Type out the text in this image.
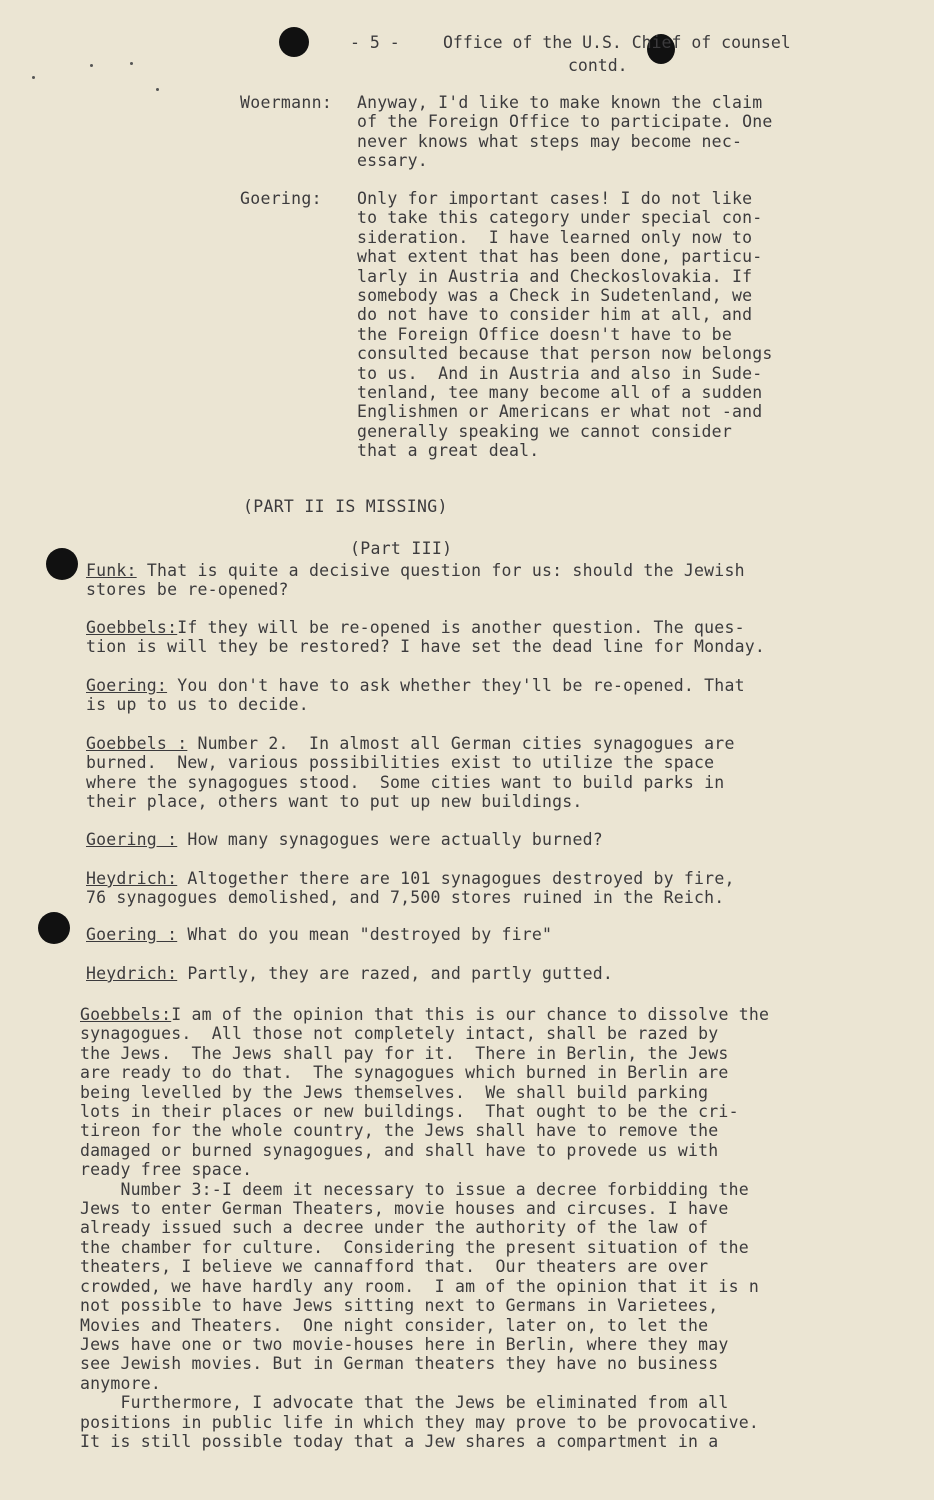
- 5 -	Office of the U.S. Chief of counsel
contd.
Woermann: Anyway, I'd like to make known the claim
of the Foreign Office to participate. One
never knows what steps may become nec-
essary.
Goering: Only for important cases! I do not like
to take this category under special con-
sideration.  I have learned only now to
what extent that has been done, particu-
larly in Austria and Checkoslovakia. If
somebody was a Check in Sudetenland, we
do not have to consider him at all, and
the Foreign Office doesn't have to be
consulted because that person now belongs
to us.  And in Austria and also in Sude-
tenland, tee many become all of a sudden
Englishmen or Americans er what not -and
generally speaking we cannot consider
that a great deal.
(PART II IS MISSING)
(Part III)
Funk: That is quite a decisive question for us: should the Jewish
stores be re-opened?
Goebbels:If they will be re-opened is another question. The ques-
tion is will they be restored? I have set the dead line for Monday.
Goering: You don't have to ask whether they'll be re-opened. That
is up to us to decide.
Goebbels : Number 2.  In almost all German cities synagogues are
burned.  New, various possibilities exist to utilize the space
where the synagogues stood.  Some cities want to build parks in
their place, others want to put up new buildings.
Goering : How many synagogues were actually burned?
Heydrich: Altogether there are 101 synagogues destroyed by fire,
76 synagogues demolished, and 7,500 stores ruined in the Reich.
Goering : What do you mean "destroyed by fire"
Heydrich: Partly, they are razed, and partly gutted.
Goebbels:I am of the opinion that this is our chance to dissolve the
synagogues.  All those not completely intact, shall be razed by
the Jews.  The Jews shall pay for it.  There in Berlin, the Jews
are ready to do that.  The synagogues which burned in Berlin are
being levelled by the Jews themselves.  We shall build parking
lots in their places or new buildings.  That ought to be the cri-
tireon for the whole country, the Jews shall have to remove the
damaged or burned synagogues, and shall have to provede us with
ready free space.
Number 3:-I deem it necessary to issue a decree forbidding the
Jews to enter German Theaters, movie houses and circuses. I have
already issued such a decree under the authority of the law of
the chamber for culture.  Considering the present situation of the
theaters, I believe we cannafford that.  Our theaters are over
crowded, we have hardly any room.  I am of the opinion that it is n
not possible to have Jews sitting next to Germans in Varietees,
Movies and Theaters.  One night consider, later on, to let the
Jews have one or two movie-houses here in Berlin, where they may
see Jewish movies. But in German theaters they have no business
anymore.
Furthermore, I advocate that the Jews be eliminated from all
positions in public life in which they may prove to be provocative.
It is still possible today that a Jew shares a compartment in a
